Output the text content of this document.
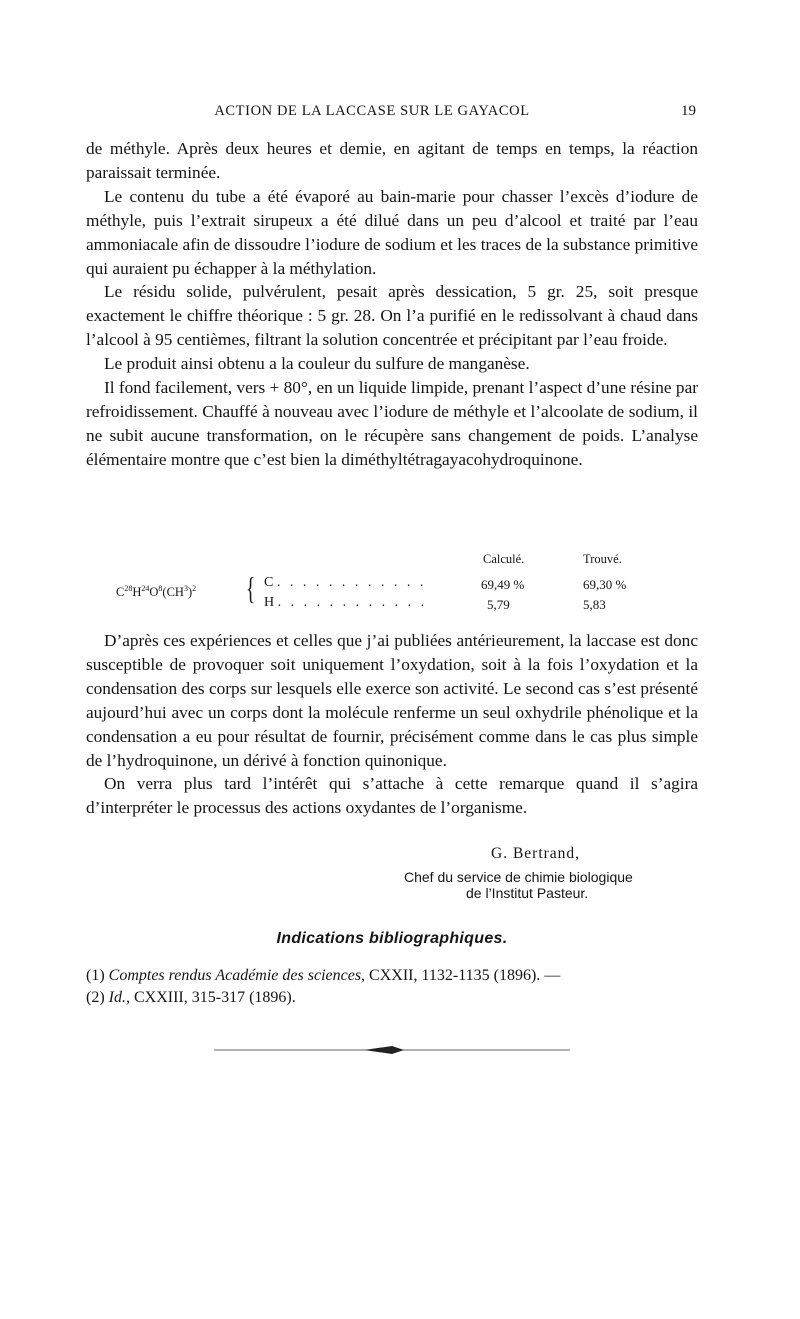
ACTION DE LA LACCASE SUR LE GAYACOL	19

de méthyle. Après deux heures et demie, en agitant de temps en temps, la réaction paraissait terminée.

Le contenu du tube a été évaporé au bain-marie pour chasser l’excès d’iodure de méthyle, puis l’extrait sirupeux a été dilué dans un peu d’alcool et traité par l’eau ammoniacale afin de dissoudre l’iodure de sodium et les traces de la substance primitive qui auraient pu échapper à la méthylation.

Le résidu solide, pulvérulent, pesait après dessication, 5 gr. 25, soit presque exactement le chiffre théorique : 5 gr. 28. On l’a purifié en le redissolvant à chaud dans l’alcool à 95 centièmes, filtrant la solution concentrée et précipitant par l’eau froide.

Le produit ainsi obtenu a la couleur du sulfure de manganèse.

Il fond facilement, vers + 80°, en un liquide limpide, prenant l’aspect d’une résine par refroidissement. Chauffé à nouveau avec l’iodure de méthyle et l’alcoolate de sodium, il ne subit aucune transformation, on le récupère sans changement de poids. L’analyse élémentaire montre que c’est bien la diméthyltétragayacohydroquinone.

Calculé.	Trouvé.
$C^{28}H^{24}O^8(CH^3)^2$ { C . . . . . . . . . . . .	69,49 %	69,30 %
H . . . . . . . . . . . .	5,79	5,83

D’après ces expériences et celles que j’ai publiées antérieurement, la laccase est donc susceptible de provoquer soit uniquement l’oxydation, soit à la fois l’oxydation et la condensation des corps sur lesquels elle exerce son activité. Le second cas s’est présenté aujourd’hui avec un corps dont la molécule renferme un seul oxhydrile phénolique et la condensation a eu pour résultat de fournir, précisément comme dans le cas plus simple de l’hydroquinone, un dérivé à fonction quinonique.

On verra plus tard l’intérêt qui s’attache à cette remarque quand il s’agira d’interpréter le processus des actions oxydantes de l’organisme.

G. Bertrand,
Chef du service de chimie biologique
de l’Institut Pasteur.
Indications bibliographiques.
(1) Comptes rendus Académie des sciences, CXXII, 1132-1135 (1896). —
(2) Id., CXXIII, 315-317 (1896).
